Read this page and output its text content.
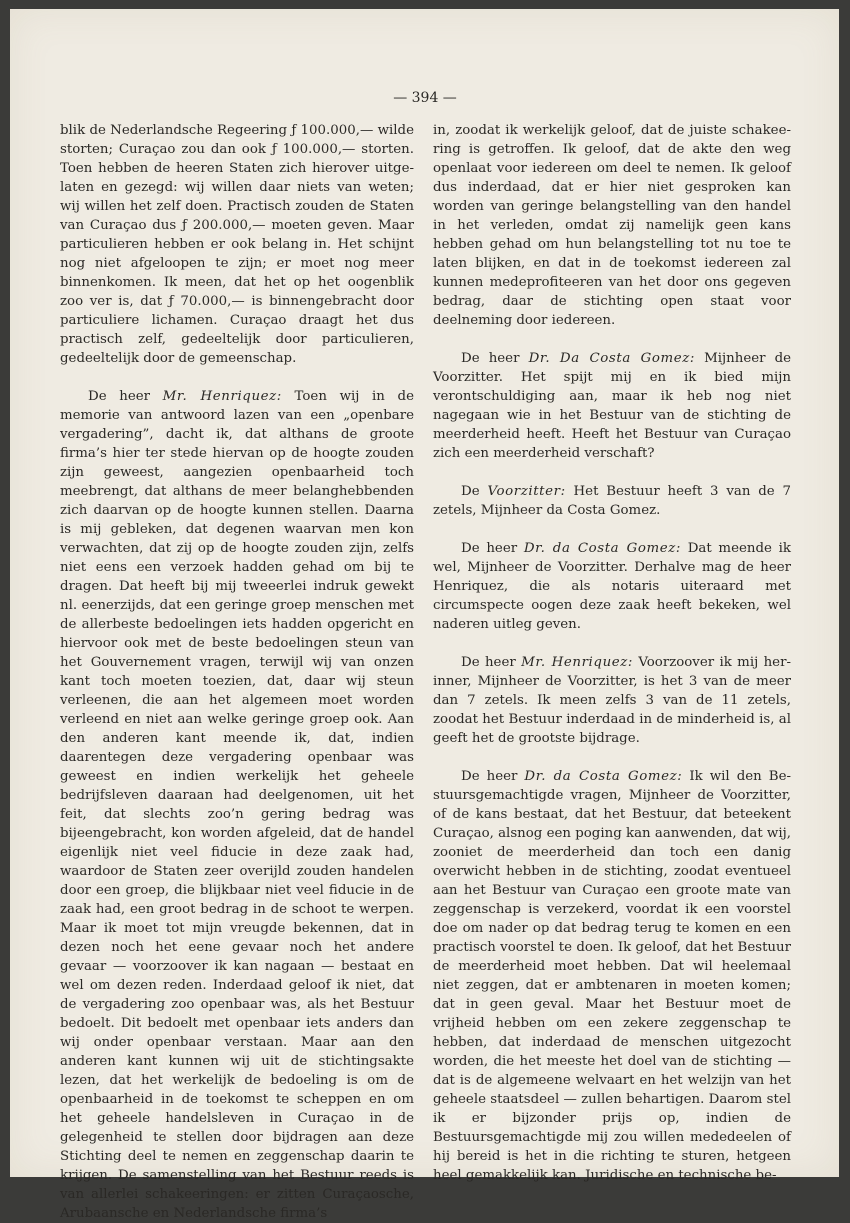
— 394 —

blik de Nederlandsche Regeering ƒ 100.000,— wilde storten; Curaçao zou dan ook ƒ 100.000,— storten. Toen hebben de heeren Staten zich hierover uitgelaten en gezegd: wij willen daar niets van weten; wij willen het zelf doen. Practisch zouden de Staten van Curaçao dus ƒ 200.000,— moeten geven. Maar particulieren hebben er ook belang in. Het schijnt nog niet afgeloopen te zijn; er moet nog meer binnenkomen. Ik meen, dat het op het oogenblik zoo ver is, dat ƒ 70.000,— is binnengebracht door particuliere lichamen. Curaçao draagt het dus practisch zelf, gedeeltelijk door particulieren, gedeeltelijk door de gemeenschap.

De heer Mr. Henriquez: Toen wij in de memorie van antwoord lazen van een „openbare vergadering”, dacht ik, dat althans de groote firma’s hier ter stede hiervan op de hoogte zouden zijn geweest, aangezien openbaarheid toch meebrengt, dat althans de meer belanghebbenden zich daarvan op de hoogte kunnen stellen. Daarna is mij gebleken, dat degenen waarvan men kon verwachten, dat zij op de hoogte zouden zijn, zelfs niet eens een verzoek hadden gehad om bij te dragen. Dat heeft bij mij tweeerlei indruk gewekt nl. eenerzijds, dat een geringe groep menschen met de allerbeste bedoelingen iets hadden opgericht en hiervoor ook met de beste bedoelingen steun van het Gouvernement vragen, terwijl wij van onzen kant toch moeten toezien, dat, daar wij steun verleenen, die aan het algemeen moet worden verleend en niet aan welke geringe groep ook. Aan den anderen kant meende ik, dat, indien daarentegen deze vergadering openbaar was geweest en indien werkelijk het geheele bedrijfsleven daaraan had deelgenomen, uit het feit, dat slechts zoo’n gering bedrag was bijeengebracht, kon worden afgeleid, dat de handel eigenlijk niet veel fiducie in deze zaak had, waardoor de Staten zeer overijld zouden handelen door een groep, die blijkbaar niet veel fiducie in de zaak had, een groot bedrag in de schoot te werpen. Maar ik moet tot mijn vreugde bekennen, dat in dezen noch het eene gevaar noch het andere gevaar — voorzoover ik kan nagaan — bestaat en wel om dezen reden. Inderdaad geloof ik niet, dat de vergadering zoo openbaar was, als het Bestuur bedoelt. Dit bedoelt met openbaar iets anders dan wij onder openbaar verstaan. Maar aan den anderen kant kunnen wij uit de stichtingsakte lezen, dat het werkelijk de bedoeling is om de openbaarheid in de toekomst te scheppen en om het geheele handelsleven in Curaçao in de gelegenheid te stellen door bijdragen aan deze Stichting deel te nemen en zeggenschap daarin te krijgen. De samenstelling van het Bestuur reeds is van allerlei schakeeringen: er zitten Curaçaosche, Arubaansche en Nederlandsche firma’s

in, zoodat ik werkelijk geloof, dat de juiste schakeering is getroffen. Ik geloof, dat de akte den weg openlaat voor iedereen om deel te nemen. Ik geloof dus inderdaad, dat er hier niet gesproken kan worden van geringe belangstelling van den handel in het verleden, omdat zij namelijk geen kans hebben gehad om hun belangstelling tot nu toe te laten blijken, en dat in de toekomst iedereen zal kunnen medeprofiteeren van het door ons gegeven bedrag, daar de stichting open staat voor deelneming door iedereen.

De heer Dr. Da Costa Gomez: Mijnheer de Voorzitter. Het spijt mij en ik bied mijn verontschuldiging aan, maar ik heb nog niet nagegaan wie in het Bestuur van de stichting de meerderheid heeft. Heeft het Bestuur van Curaçao zich een meerderheid verschaft?

De Voorzitter: Het Bestuur heeft 3 van de 7 zetels, Mijnheer da Costa Gomez.

De heer Dr. da Costa Gomez: Dat meende ik wel, Mijnheer de Voorzitter. Derhalve mag de heer Henriquez, die als notaris uiteraard met circumspecte oogen deze zaak heeft bekeken, wel naderen uitleg geven.

De heer Mr. Henriquez: Voorzoover ik mij herinner, Mijnheer de Voorzitter, is het 3 van de meer dan 7 zetels. Ik meen zelfs 3 van de 11 zetels, zoodat het Bestuur inderdaad in de minderheid is, al geeft het de grootste bijdrage.

De heer Dr. da Costa Gomez: Ik wil den Bestuursgemachtigde vragen, Mijnheer de Voorzitter, of de kans bestaat, dat het Bestuur, dat beteekent Curaçao, alsnog een poging kan aanwenden, dat wij, zooniet de meerderheid dan toch een danig overwicht hebben in de stichting, zoodat eventueel aan het Bestuur van Curaçao een groote mate van zeggenschap is verzekerd, voordat ik een voorstel doe om nader op dat bedrag terug te komen en een practisch voorstel te doen. Ik geloof, dat het Bestuur de meerderheid moet hebben. Dat wil heelemaal niet zeggen, dat er ambtenaren in moeten komen; dat in geen geval. Maar het Bestuur moet de vrijheid hebben om een zekere zeggenschap te hebben, dat inderdaad de menschen uitgezocht worden, die het meeste het doel van de stichting — dat is de algemeene welvaart en het welzijn van het geheele staatsdeel — zullen behartigen. Daarom stel ik er bijzonder prijs op, indien de Bestuursgemachtigde mij zou willen mededeelen of hij bereid is het in die richting te sturen, hetgeen heel gemakkelijk kan. Juridische en technische be-
